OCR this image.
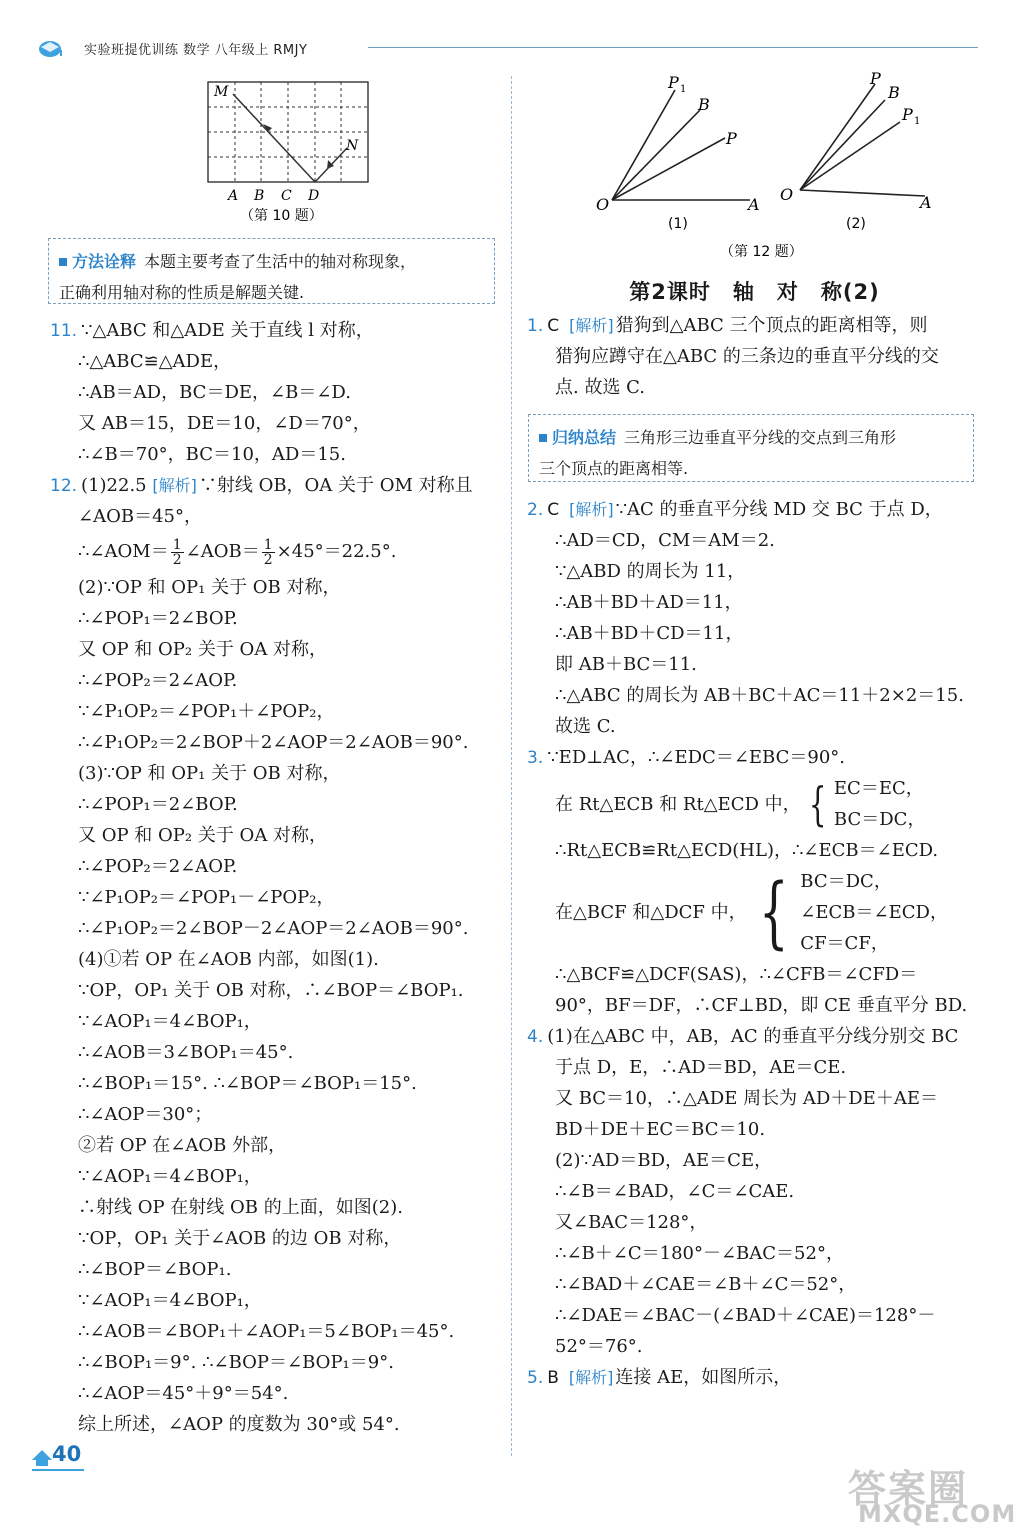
实验班提优训练 数学 八年级上 RMJY
M
N
A B C D
（第 10 题）
P 1
B
P
O	A
P
B
P 1
O	A
(1)	(2)
（第 12 题）
方法诠释 本题主要考查了生活中的轴对称现象，
正确利用轴对称的性质是解题关键.	第2课时　轴　对　称(2)
归纳总结 三角形三边垂直平分线的交点到三角形
三个顶点的距离相等.
11. ∵△ABC 和△ADE 关于直线 l 对称，
∴△ABC≌△ADE，
∴AB＝AD，BC＝DE，∠B＝∠D.
又 AB＝15，DE＝10，∠D＝70°，
∴∠B＝70°，BC＝10，AD＝15.
12. (1)22.5 [解析] ∵射线 OB，OA 关于 OM 对称且
∠AOB＝45°，
∴∠AOM＝ $\frac{1}{2}$ ∠AOB＝ $\frac{1}{2} \times 45^\circ=22.5^\circ$.
(2)∵OP 和 OP₁ 关于 OB 对称，
∴∠POP₁＝2∠BOP.
又 OP 和 OP₂ 关于 OA 对称，
∴∠POP₂＝2∠AOP.
∵∠P₁OP₂＝∠POP₁＋∠POP₂，
∴∠P₁OP₂＝2∠BOP＋2∠AOP＝2∠AOB＝90°.
(3)∵OP 和 OP₁ 关于 OB 对称，
∴∠POP₁＝2∠BOP.
又 OP 和 OP₂ 关于 OA 对称，
∴∠POP₂＝2∠AOP.
∵∠P₁OP₂＝∠POP₁－∠POP₂，
∴∠P₁OP₂＝2∠BOP－2∠AOP＝2∠AOB＝90°.
(4)①若 OP 在∠AOB 内部，如图(1).
∵OP，OP₁ 关于 OB 对称，∴∠BOP＝∠BOP₁.
∵∠AOP₁＝4∠BOP₁，
∴∠AOB＝3∠BOP₁＝45°.
∴∠BOP₁＝15°. ∴∠BOP＝∠BOP₁＝15°.
∴∠AOP＝30°；
②若 OP 在∠AOB 外部，
∵∠AOP₁＝4∠BOP₁，
∴射线 OP 在射线 OB 的上面，如图(2).
∵OP，OP₁ 关于∠AOB 的边 OB 对称，
∴∠BOP＝∠BOP₁.
∵∠AOP₁＝4∠BOP₁，
∴∠AOB＝∠BOP₁＋∠AOP₁＝5∠BOP₁＝45°.
∴∠BOP₁＝9°. ∴∠BOP＝∠BOP₁＝9°.
∴∠AOP＝45°＋9°＝54°.
综上所述，∠AOP 的度数为 30°或 54°.
1. C [解析] 猎狗到△ABC 三个顶点的距离相等，则
猎狗应蹲守在△ABC 的三条边的垂直平分线的交
点. 故选 C.
2. C [解析] ∵AC 的垂直平分线 MD 交 BC 于点 D，
∴AD＝CD，CM＝AM＝2.
∵△ABD 的周长为 11，
∴AB＋BD＋AD＝11，
∴AB＋BD＋CD＝11，
即 AB＋BC＝11.
∴△ABC 的周长为 AB＋BC＋AC＝11＋2×2＝15.
故选 C.
3. ∵ED⊥AC，∴∠EDC＝∠EBC＝90°.
在 Rt△ECB 和 Rt△ECD 中， { EC＝EC，
BC＝DC，
∴Rt△ECB≌Rt△ECD(HL)，∴∠ECB＝∠ECD.
在△BCF 和△DCF 中， { BC＝DC，
∠ECB＝∠ECD，
CF＝CF，
∴△BCF≌△DCF(SAS)，∴∠CFB＝∠CFD＝
90°，BF＝DF，∴CF⊥BD，即 CE 垂直平分 BD.
4. (1)在△ABC 中，AB，AC 的垂直平分线分别交 BC
于点 D，E，∴AD＝BD，AE＝CE.
又 BC＝10，∴△ADE 周长为 AD＋DE＋AE＝
BD＋DE＋EC＝BC＝10.
(2)∵AD＝BD，AE＝CE，
∴∠B＝∠BAD，∠C＝∠CAE.
又∠BAC＝128°，
∴∠B＋∠C＝180°－∠BAC＝52°，
∴∠BAD＋∠CAE＝∠B＋∠C＝52°，
∴∠DAE＝∠BAC－(∠BAD＋∠CAE)＝128°－
52°＝76°.
5. B [解析] 连接 AE，如图所示，
40
答案圈
MXQE.COM
